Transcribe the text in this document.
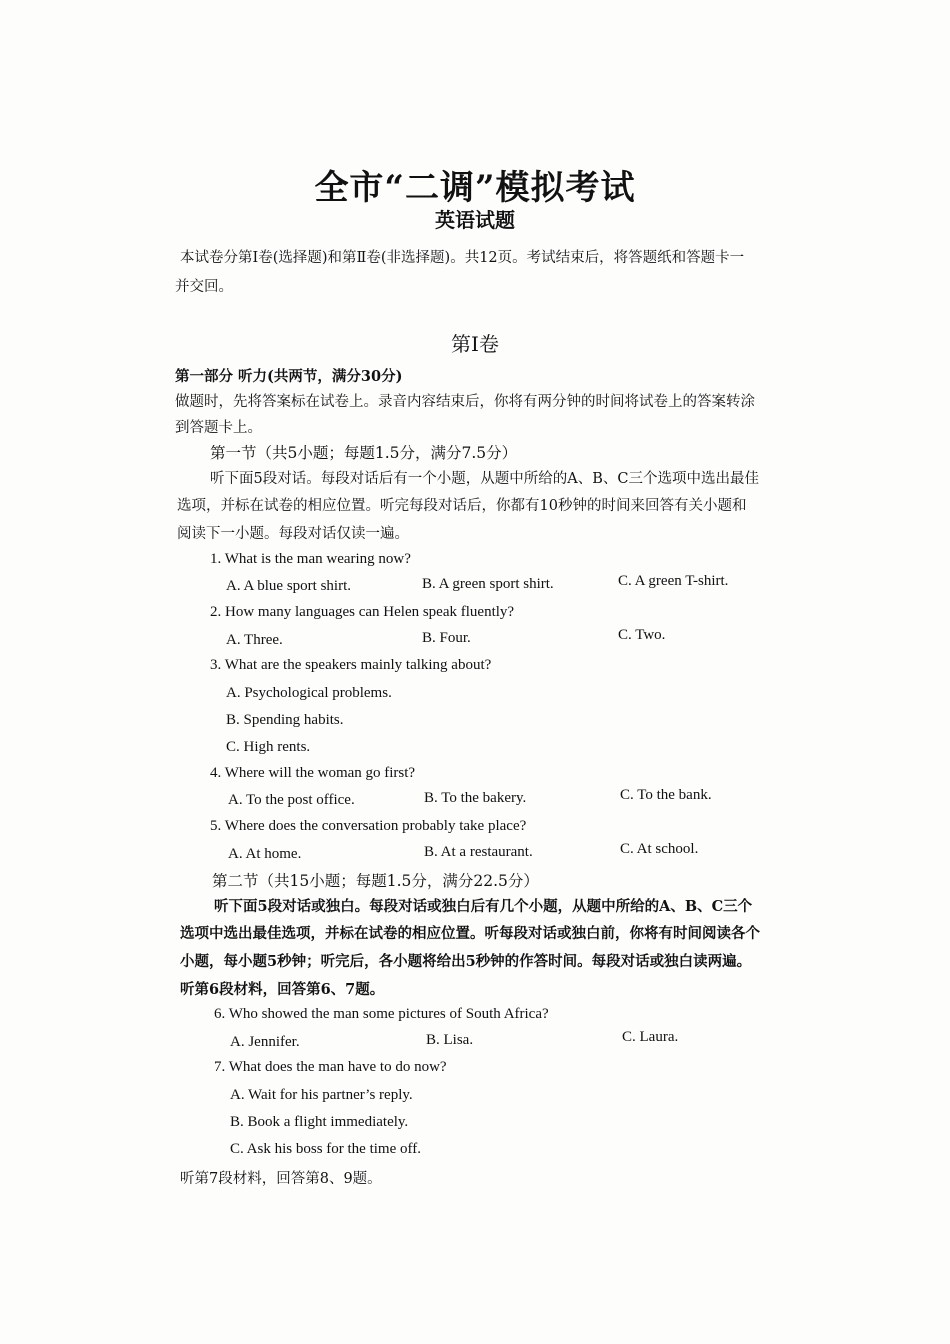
全市“二调”模拟考试
英语试题
本试卷分第Ⅰ卷(选择题)和第Ⅱ卷(非选择题)。共12页。考试结束后，将答题纸和答题卡一
并交回。
第Ⅰ卷
第一部分 听力(共两节，满分30分)
做题时，先将答案标在试卷上。录音内容结束后，你将有两分钟的时间将试卷上的答案转涂
到答题卡上。
第一节（共5小题；每题1.5分，满分7.5分）
听下面5段对话。每段对话后有一个小题，从题中所给的A、B、C三个选项中选出最佳
选项，并标在试卷的相应位置。听完每段对话后，你都有10秒钟的时间来回答有关小题和
阅读下一小题。每段对话仅读一遍。
1. What is the man wearing now?
A. A blue sport shirt.	B. A green sport shirt.	C. A green T-shirt.
2. How many languages can Helen speak fluently?
A. Three.	B. Four.	C. Two.
3. What are the speakers mainly talking about?
A. Psychological problems.
B. Spending habits.
C. High rents.
4. Where will the woman go first?
A. To the post office.	B. To the bakery.	C. To the bank.
5. Where does the conversation probably take place?
A. At home.	B. At a restaurant.	C. At school.
第二节（共15小题；每题1.5分，满分22.5分）
听下面5段对话或独白。每段对话或独白后有几个小题，从题中所给的A、B、C三个
选项中选出最佳选项，并标在试卷的相应位置。听每段对话或独白前，你将有时间阅读各个
小题，每小题5秒钟；听完后，各小题将给出5秒钟的作答时间。每段对话或独白读两遍。
听第6段材料，回答第6、7题。
6. Who showed the man some pictures of South Africa?
A. Jennifer.	B. Lisa.	C. Laura.
7. What does the man have to do now?
A. Wait for his partner’s reply.
B. Book a flight immediately.
C. Ask his boss for the time off.
听第7段材料，回答第8、9题。
